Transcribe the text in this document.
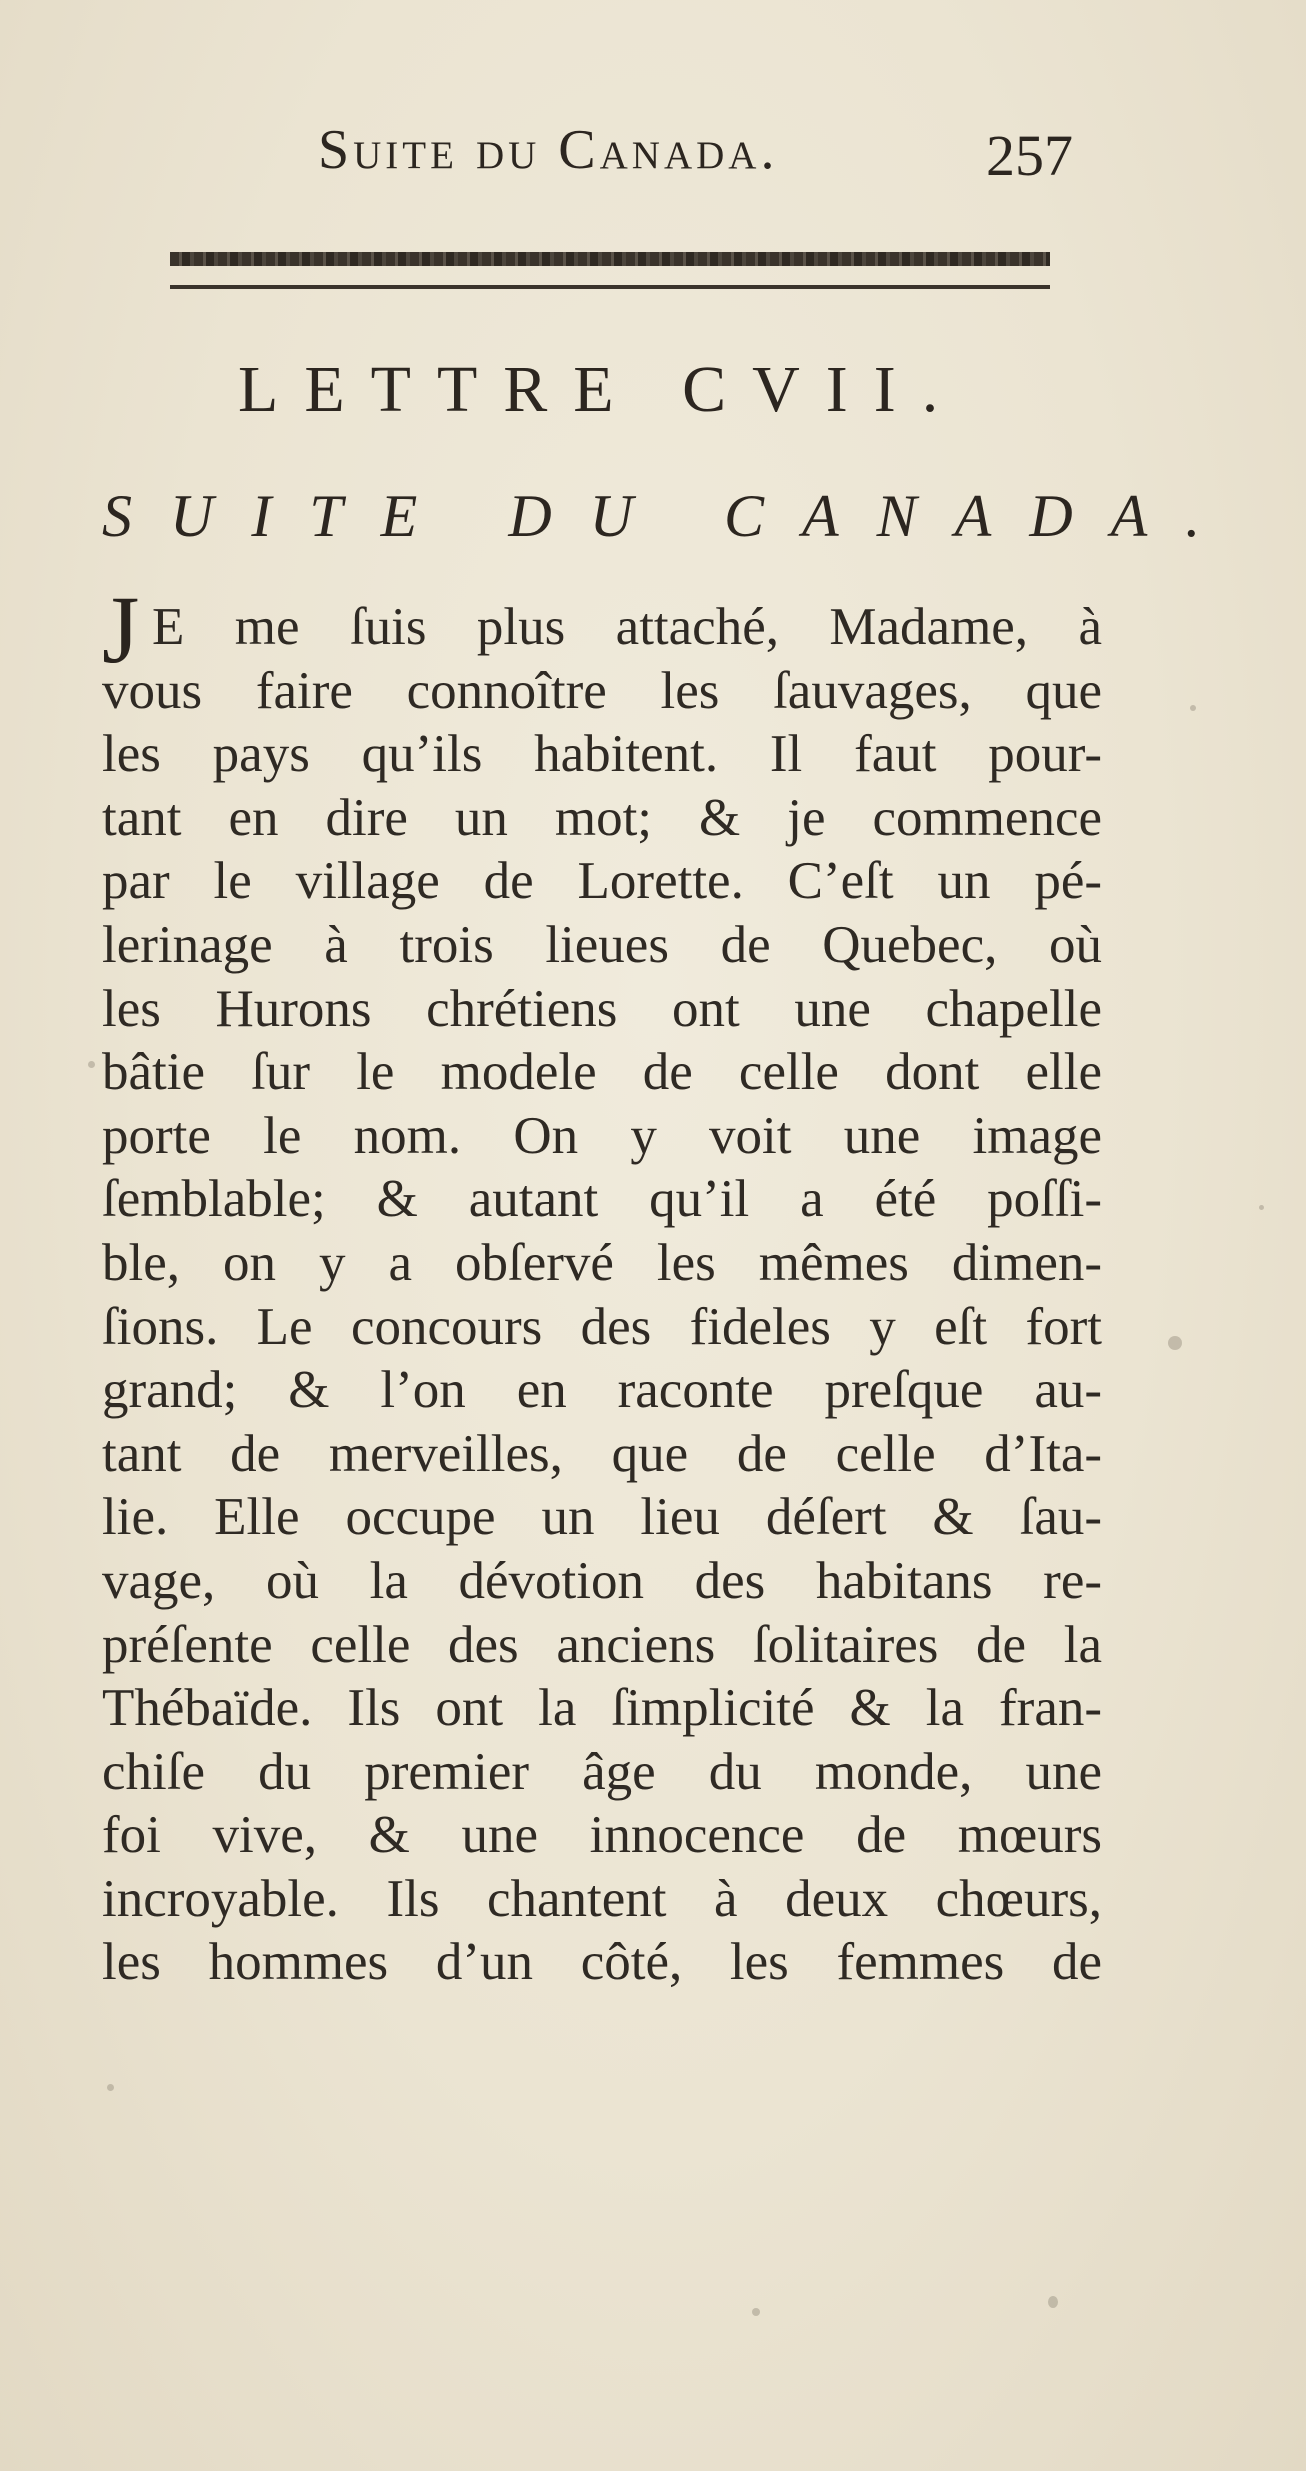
Suite du Canada.	257
LETTRE CVII.
SUITE DU CANADA.
J E me ſuis plus attaché, Madame, à
vous faire connoître les ſauvages, que
les pays qu’ils habitent. Il faut pour-
tant en dire un mot; & je commence
par le village de Lorette. C’eſt un pé-
lerinage à trois lieues de Quebec, où
les Hurons chrétiens ont une chapelle
bâtie ſur le modele de celle dont elle
porte le nom. On y voit une image
ſemblable; & autant qu’il a été poſſi-
ble, on y a obſervé les mêmes dimen-
ſions. Le concours des fideles y eſt fort
grand; & l’on en raconte preſque au-
tant de merveilles, que de celle d’Ita-
lie. Elle occupe un lieu déſert & ſau-
vage, où la dévotion des habitans re-
préſente celle des anciens ſolitaires de la
Thébaïde. Ils ont la ſimplicité & la fran-
chiſe du premier âge du monde, une
foi vive, & une innocence de mœurs
incroyable. Ils chantent à deux chœurs,
les hommes d’un côté, les femmes de
